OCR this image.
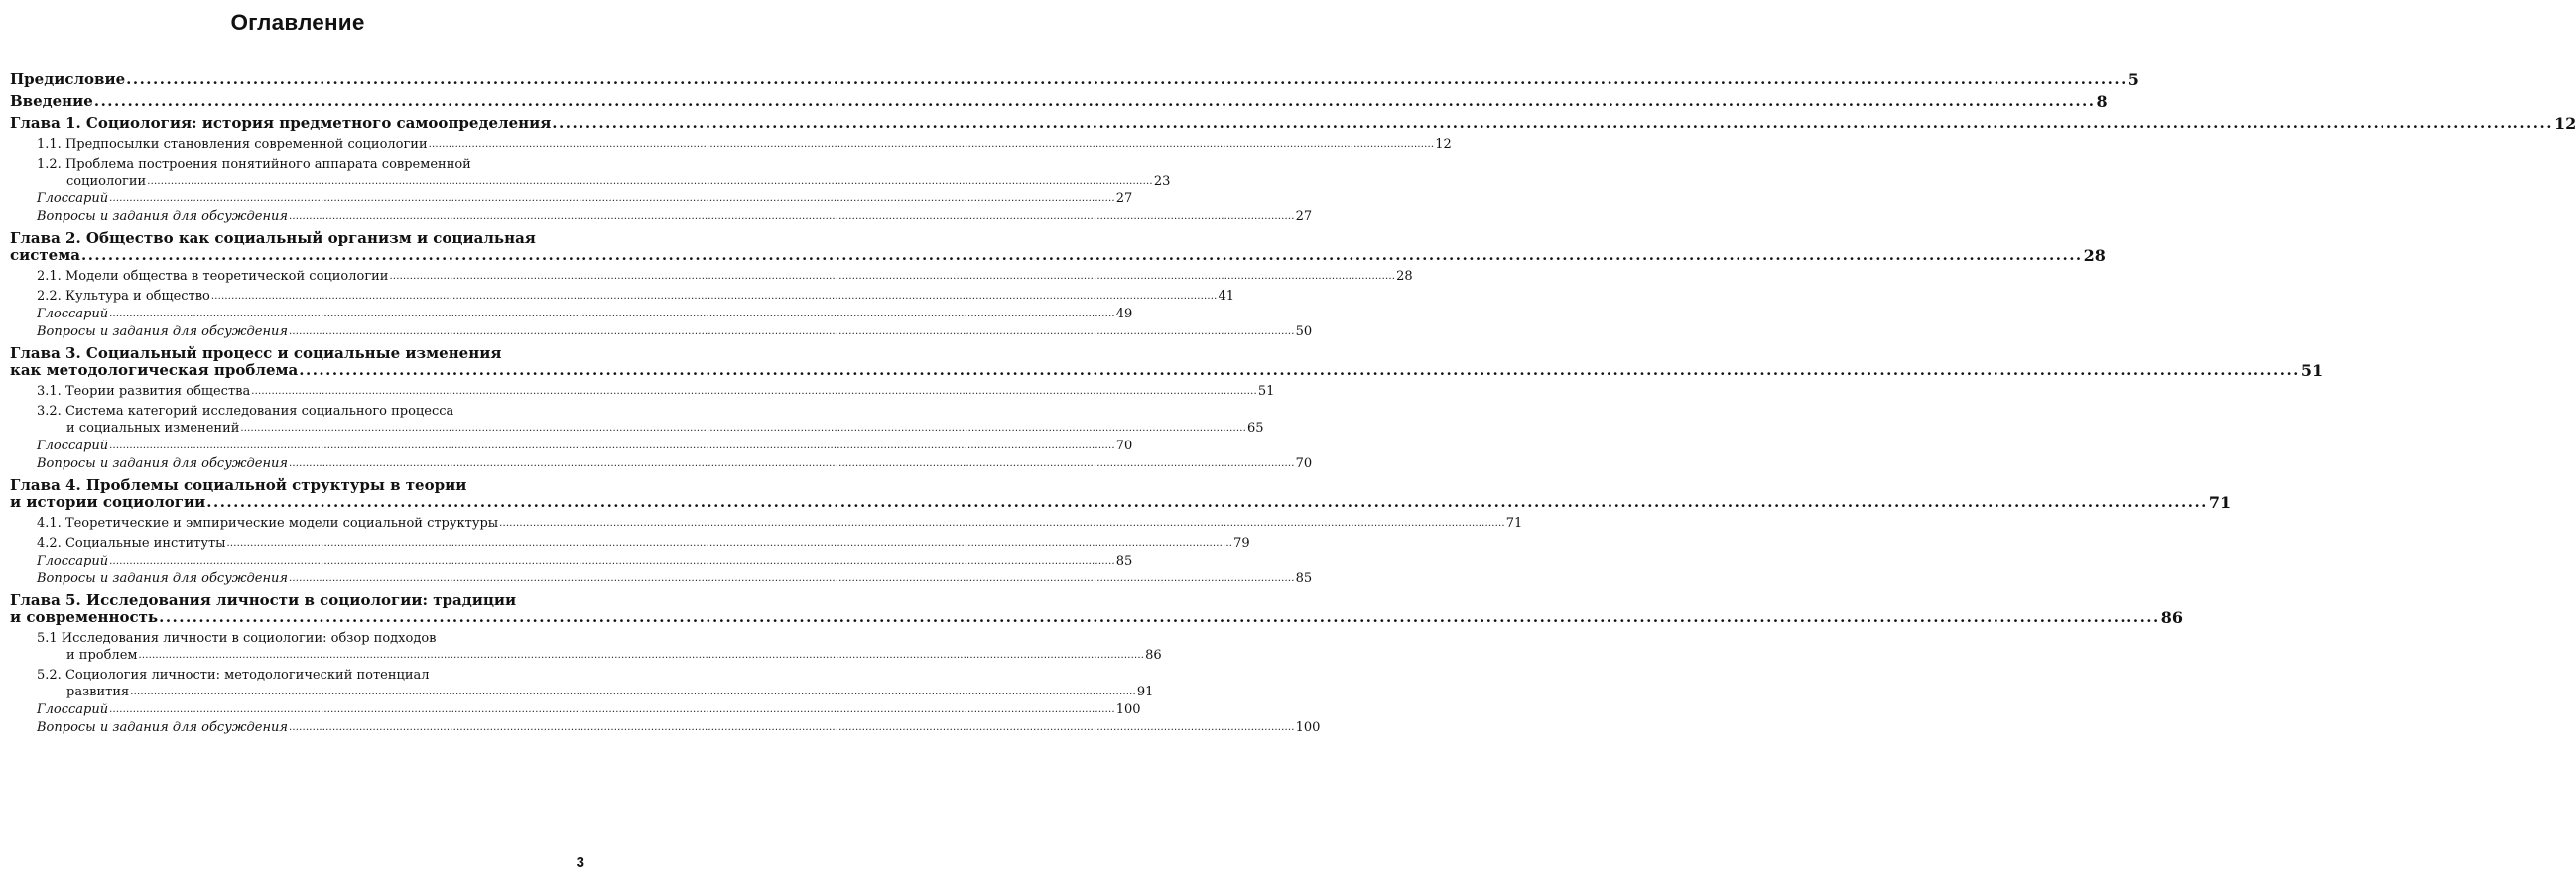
Оглавление
Предисловие ............................................................................................................................................................................................................................................................................................................ 5
Введение ............................................................................................................................................................................................................................................................................................................ 8
Глава 1. Социология: история предметного самоопределения ............................................................................................................................................................................................................................................................................................................ 12
1.1. Предпосылки становления современной социологии ............................................................................................................................................................................................................................................................................................................ 12
1.2. Проблема построения понятийного аппарата современной
социологии ............................................................................................................................................................................................................................................................................................................ 23
Глоссарий ............................................................................................................................................................................................................................................................................................................ 27
Вопросы и задания для обсуждения ............................................................................................................................................................................................................................................................................................................ 27
Глава 2. Общество как социальный организм и социальная
система ............................................................................................................................................................................................................................................................................................................ 28
2.1. Модели общества в теоретической социологии ............................................................................................................................................................................................................................................................................................................ 28
2.2. Культура и общество ............................................................................................................................................................................................................................................................................................................ 41
Глоссарий ............................................................................................................................................................................................................................................................................................................ 49
Вопросы и задания для обсуждения ............................................................................................................................................................................................................................................................................................................ 50
Глава 3. Социальный процесс и социальные изменения
как методологическая проблема ............................................................................................................................................................................................................................................................................................................ 51
3.1. Теории развития общества ............................................................................................................................................................................................................................................................................................................ 51
3.2. Система категорий исследования социального процесса
и социальных изменений ............................................................................................................................................................................................................................................................................................................ 65
Глоссарий ............................................................................................................................................................................................................................................................................................................ 70
Вопросы и задания для обсуждения ............................................................................................................................................................................................................................................................................................................ 70
Глава 4. Проблемы социальной структуры в теории
и истории социологии ............................................................................................................................................................................................................................................................................................................ 71
4.1. Теоретические и эмпирические модели социальной структуры ............................................................................................................................................................................................................................................................................................................ 71
4.2. Социальные институты ............................................................................................................................................................................................................................................................................................................ 79
Глоссарий ............................................................................................................................................................................................................................................................................................................ 85
Вопросы и задания для обсуждения ............................................................................................................................................................................................................................................................................................................ 85
Глава 5. Исследования личности в социологии: традиции
и современность ............................................................................................................................................................................................................................................................................................................ 86
5.1 Исследования личности в социологии: обзор подходов
и проблем ............................................................................................................................................................................................................................................................................................................ 86
5.2. Социология личности: методологический потенциал
развития ............................................................................................................................................................................................................................................................................................................ 91
Глоссарий ............................................................................................................................................................................................................................................................................................................ 100
Вопросы и задания для обсуждения ............................................................................................................................................................................................................................................................................................................ 100
3
